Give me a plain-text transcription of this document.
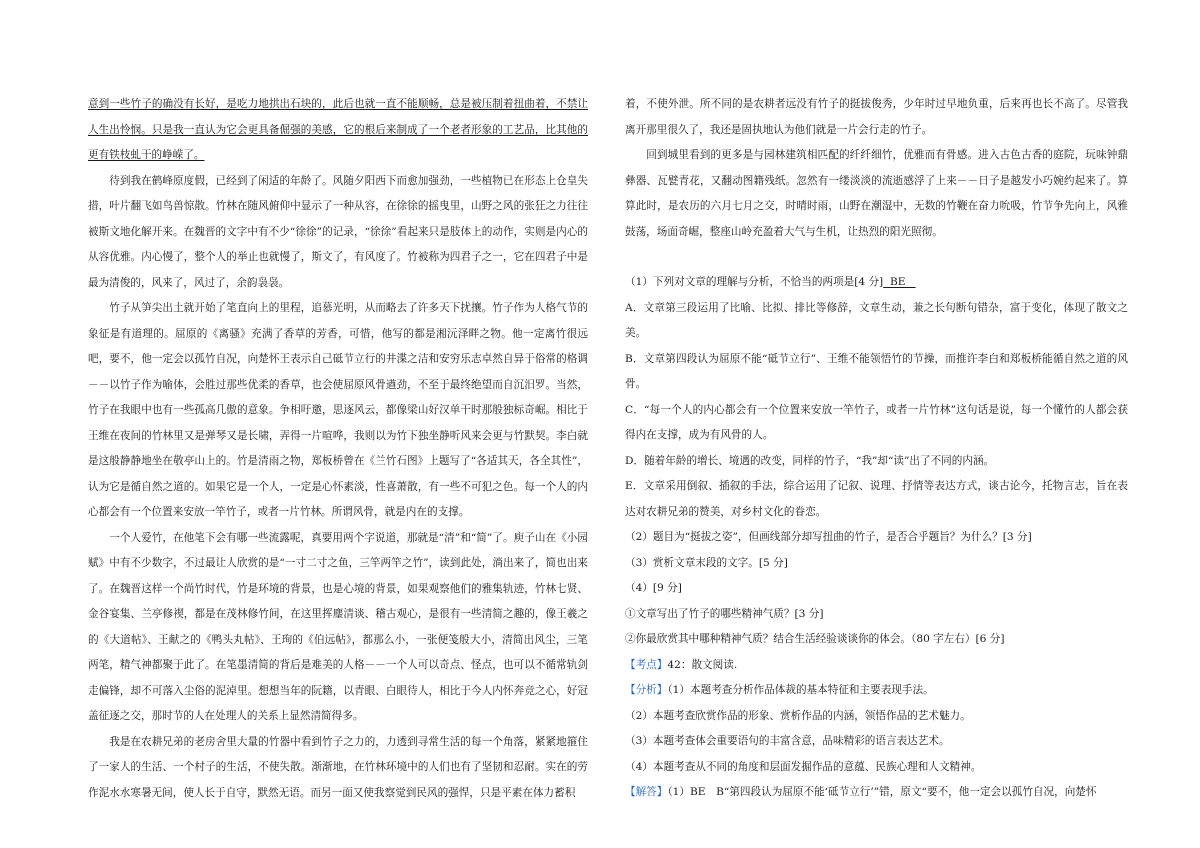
意到一些竹子的确没有长好，是吃力地拱出石块的，此后也就一直不能顺畅，总是被压制着扭曲着，不禁让人生出怜悯。只是我一直认为它会更具备倔强的美感，它的根后来制成了一个老者形象的工艺品，比其他的更有铁枝虬干的峥嵘了。

待到我在鹤峰原度假，已经到了闲适的年龄了。风随夕阳西下而愈加强劲，一些植物已在形态上仓皇失措，叶片翻飞如鸟兽惊散。竹林在随风俯仰中显示了一种从容，在徐徐的摇曳里，山野之风的张狂之力往往被斯文地化解开来。在魏晋的文字中有不少“徐徐”的记录，“徐徐”看起来只是肢体上的动作，实则是内心的从容优雅。内心慢了，整个人的举止也就慢了，斯文了，有风度了。竹被称为四君子之一，它在四君子中是最为清俊的，风来了，风过了，余韵袅袅。

竹子从笋尖出土就开始了笔直向上的里程，追慕光明，从而略去了许多天下扰攘。竹子作为人格气节的象征是有道理的。屈原的《离骚》充满了香草的芳香，可惜，他写的都是湘沅泽畔之物。他一定离竹很远吧，要不，他一定会以孤竹自况，向楚怀王表示自己砥节立行的井渫之洁和安穷乐志卓然自异于俗常的格调－－以竹子作为喻体，会胜过那些优柔的香草，也会使屈原风骨遒劲，不至于最终绝望而自沉汨罗。当然，竹子在我眼中也有一些孤高几傲的意象。争相吁邀，思逐风云，都像梁山好汉单干时那般独标奇崛。相比于王维在夜间的竹林里又是弹琴又是长啸，弄得一片喧哗，我则以为竹下独坐静听风来会更与竹默契。李白就是这般静静地坐在敬亭山上的。竹是清雨之物，郑板桥曾在《兰竹石图》上题写了“各适其天，各全其性”，认为它是循自然之道的。如果它是一个人，一定是心怀素淡，性喜萧散，有一些不可犯之色。每一个人的内心都会有一个位置来安放一竿竹子，或者一片竹林。所谓风骨，就是内在的支撑。

一个人爱竹，在他笔下会有哪一些流露呢，真要用两个字说道，那就是“清”和“简”了。庾子山在《小园赋》中有不少数字，不过最让人欣赏的是“一寸二寸之鱼，三竿两竿之竹”，读到此处，淌出来了，简也出来了。在魏晋这样一个尚竹时代，竹是环境的背景，也是心境的背景，如果观察他们的雅集轨迹，竹林七贤、金谷宴集、兰亭修禊，都是在茂林修竹间，在这里挥麈清谈、稽古观心，是很有一些清简之趣的，像王羲之的《大道帖》、王献之的《鸭头丸帖》、王珣的《伯远帖》，都那么小，一张便笺般大小，清简出风尘，三笔两笔，精气神都聚于此了。在笔墨清简的背后是难美的人格－－一个人可以奇点、怪点，也可以不循常轨剑走偏锋，却不可落入尘俗的泥淖里。想想当年的阮籍，以青眼、白眼待人，相比于今人内怀奔竞之心，好冠盖征逐之交，那时节的人在处理人的关系上显然清简得多。

我是在农耕兄弟的老房舍里大量的竹器中看到竹子之力的，力透到寻常生活的每一个角落，紧紧地箍住了一家人的生活、一个村子的生活，不使失散。渐渐地，在竹林环境中的人们也有了坚韧和忍耐。实在的劳作泥水水寒暑无间，使人长于自守，默然无语。而另一面又使我察觉到民风的强悍，只是平素在体力蓄积

着，不使外泄。所不同的是农耕者远没有竹子的挺拔俊秀，少年时过早地负重，后来再也长不高了。尽管我离开那里很久了，我还是固执地认为他们就是一片会行走的竹子。

回到城里看到的更多是与园林建筑相匹配的纤纤细竹，优雅而有骨感。进入古色古香的庭院，玩味钟鼎彝器、瓦甓青花，又翻动图籍残纸。忽然有一缕淡淡的流逝感浮了上来－－日子是越发小巧婉约起来了。算算此时，是农历的六月七月之交，时晴时雨，山野在潮湿中，无数的竹鞭在奋力吮吸，竹节争先向上，风雅鼓荡，场面奇崛，整座山岭充盈着大气与生机，让热烈的阳光照彻。

（1）下列对文章的理解与分析，不恰当的两项是[4 分] BE

A．文章第三段运用了比喻、比拟、排比等修辞，文章生动，兼之长句断句错杂，富于变化，体现了散文之美。

B．文章第四段认为屈原不能“砥节立行”、王维不能领悟竹的节操，而推许李白和郑板桥能循自然之道的风骨。

C．“每一个人的内心都会有一个位置来安放一竿竹子，或者一片竹林”这句话是说，每一个懂竹的人都会获得内在支撑，成为有风骨的人。

D．随着年龄的增长、境遇的改变，同样的竹子，“我”却“读”出了不同的内涵。

E．文章采用倒叙、插叙的手法，综合运用了记叙、说理、抒情等表达方式，谈古论今，托物言志，旨在表达对农耕兄弟的赞美，对乡村文化的眷恋。

（2）题目为“挺拔之姿”，但画线部分却写扭曲的竹子，是否合乎题旨？为什么？[3 分]

（3）赏析文章末段的文字。[5 分]

（4）[9 分]

①文章写出了竹子的哪些精神气质？[3 分]

②你最欣赏其中哪种精神气质？结合生活经验谈谈你的体会。（80 字左右）[6 分]

【考点】42：散文阅读.

【分析】（1）本题考查分析作品体裁的基本特征和主要表现手法。

（2）本题考查欣赏作品的形象、赏析作品的内涵，领悟作品的艺术魅力。

（3）本题考查体会重要语句的丰富含意，品味精彩的语言表达艺术。

（4）本题考查从不同的角度和层面发掘作品的意蕴、民族心理和人文精神。

【解答】（1）BE　B“第四段认为屈原不能‘砥节立行’”错，原文“要不，他一定会以孤竹自况，向楚怀
